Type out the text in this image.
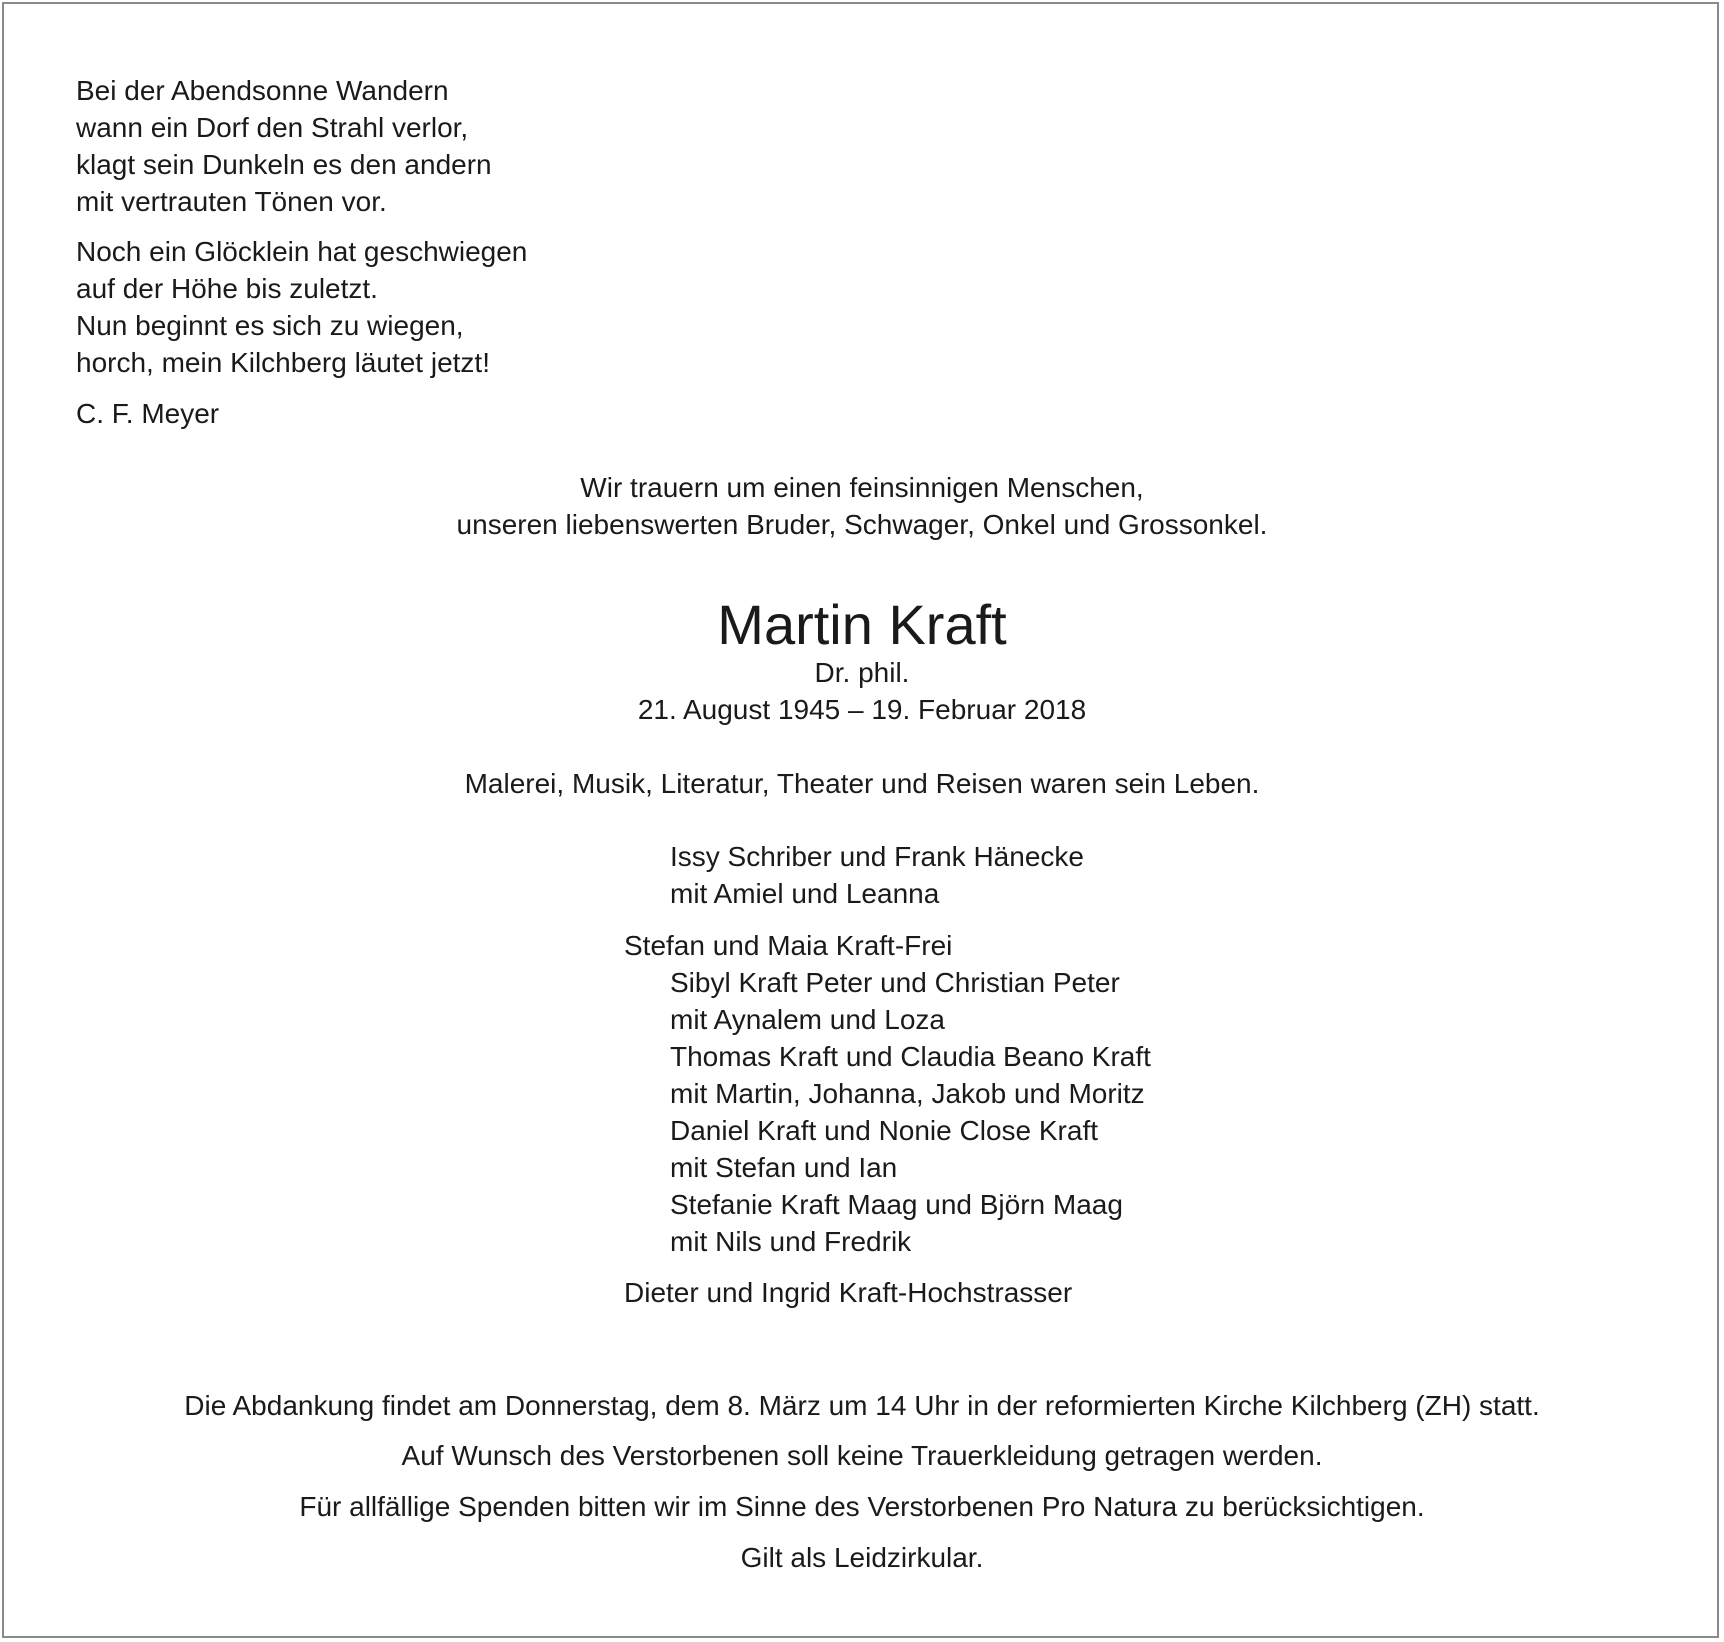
Bei der Abendsonne Wandern
wann ein Dorf den Strahl verlor,
klagt sein Dunkeln es den andern
mit vertrauten Tönen vor.
Noch ein Glöcklein hat geschwiegen
auf der Höhe bis zuletzt.
Nun beginnt es sich zu wiegen,
horch, mein Kilchberg läutet jetzt!
C. F. Meyer
Wir trauern um einen feinsinnigen Menschen,
unseren liebenswerten Bruder, Schwager, Onkel und Grossonkel.
Martin Kraft
Dr. phil.
21. August 1945 – 19. Februar 2018
Malerei, Musik, Literatur, Theater und Reisen waren sein Leben.
Issy Schriber und Frank Hänecke
mit Amiel und Leanna
Stefan und Maia Kraft-Frei
Sibyl Kraft Peter und Christian Peter
mit Aynalem und Loza
Thomas Kraft und Claudia Beano Kraft
mit Martin, Johanna, Jakob und Moritz
Daniel Kraft und Nonie Close Kraft
mit Stefan und Ian
Stefanie Kraft Maag und Björn Maag
mit Nils und Fredrik
Dieter und Ingrid Kraft-Hochstrasser
Die Abdankung findet am Donnerstag, dem 8. März um 14 Uhr in der reformierten Kirche Kilchberg (ZH) statt.
Auf Wunsch des Verstorbenen soll keine Trauerkleidung getragen werden.
Für allfällige Spenden bitten wir im Sinne des Verstorbenen Pro Natura zu berücksichtigen.
Gilt als Leidzirkular.
